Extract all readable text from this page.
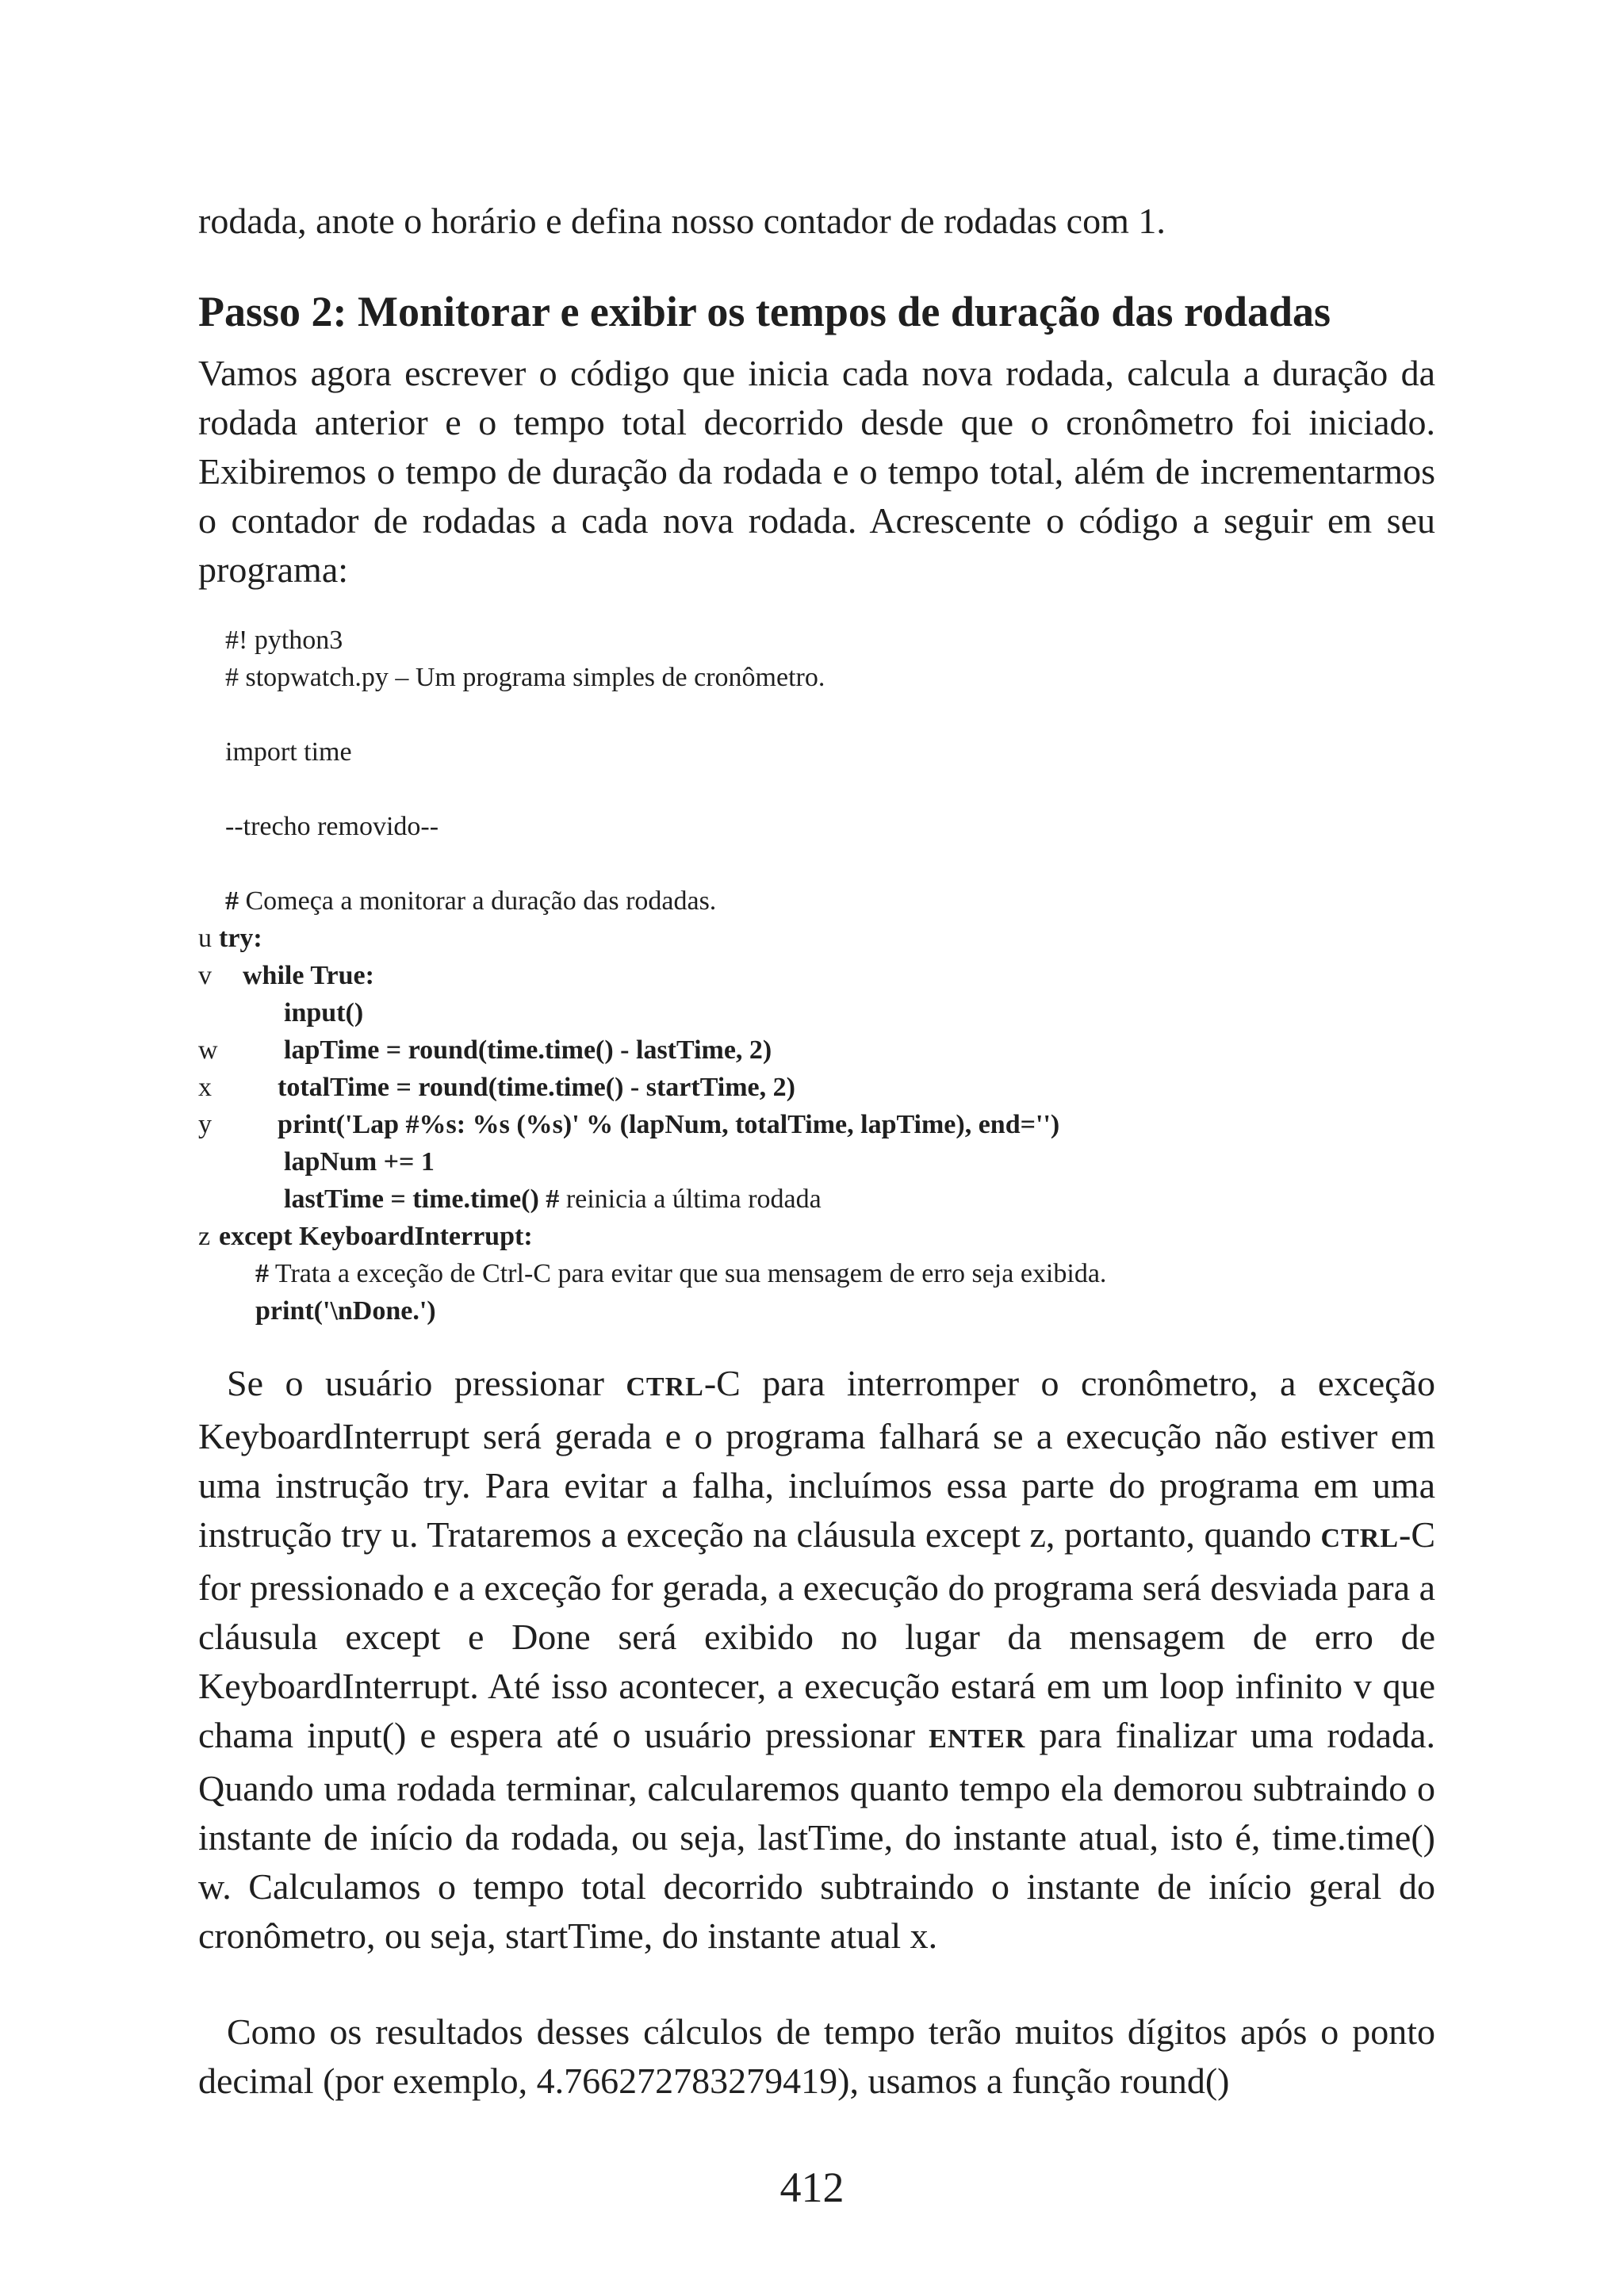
rodada, anote o horário e defina nosso contador de rodadas com 1.
Passo 2: Monitorar e exibir os tempos de duração das rodadas

Vamos agora escrever o código que inicia cada nova rodada, calcula a duração da rodada anterior e o tempo total decorrido desde que o cronômetro foi iniciado. Exibiremos o tempo de duração da rodada e o tempo total, além de incrementarmos o contador de rodadas a cada nova rodada. Acrescente o código a seguir em seu programa:

#! python3
# stopwatch.py – Um programa simples de cronômetro.
import time
--trecho removido--
# Começa a monitorar a duração das rodadas.
u try:
v while True:
input()
w lapTime = round(time.time() - lastTime, 2)
x totalTime = round(time.time() - startTime, 2)
y print('Lap #%s: %s (%s)' % (lapNum, totalTime, lapTime), end='')
lapNum += 1
lastTime = time.time() # reinicia a última rodada
z except KeyboardInterrupt:
# Trata a exceção de Ctrl-C para evitar que sua mensagem de erro seja exibida.
print('\nDone.')

Se o usuário pressionar CTRL-C para interromper o cronômetro, a exceção KeyboardInterrupt será gerada e o programa falhará se a execução não estiver em uma instrução try. Para evitar a falha, incluímos essa parte do programa em uma instrução try u. Trataremos a exceção na cláusula except z, portanto, quando CTRL-C for pressionado e a exceção for gerada, a execução do programa será desviada para a cláusula except e Done será exibido no lugar da mensagem de erro de KeyboardInterrupt. Até isso acontecer, a execução estará em um loop infinito v que chama input() e espera até o usuário pressionar ENTER para finalizar uma rodada. Quando uma rodada terminar, calcularemos quanto tempo ela demorou subtraindo o instante de início da rodada, ou seja, lastTime, do instante atual, isto é, time.time() w. Calculamos o tempo total decorrido subtraindo o instante de início geral do cronômetro, ou seja, startTime, do instante atual x.

Como os resultados desses cálculos de tempo terão muitos dígitos após o ponto decimal (por exemplo, 4.766272783279419), usamos a função round()

412
